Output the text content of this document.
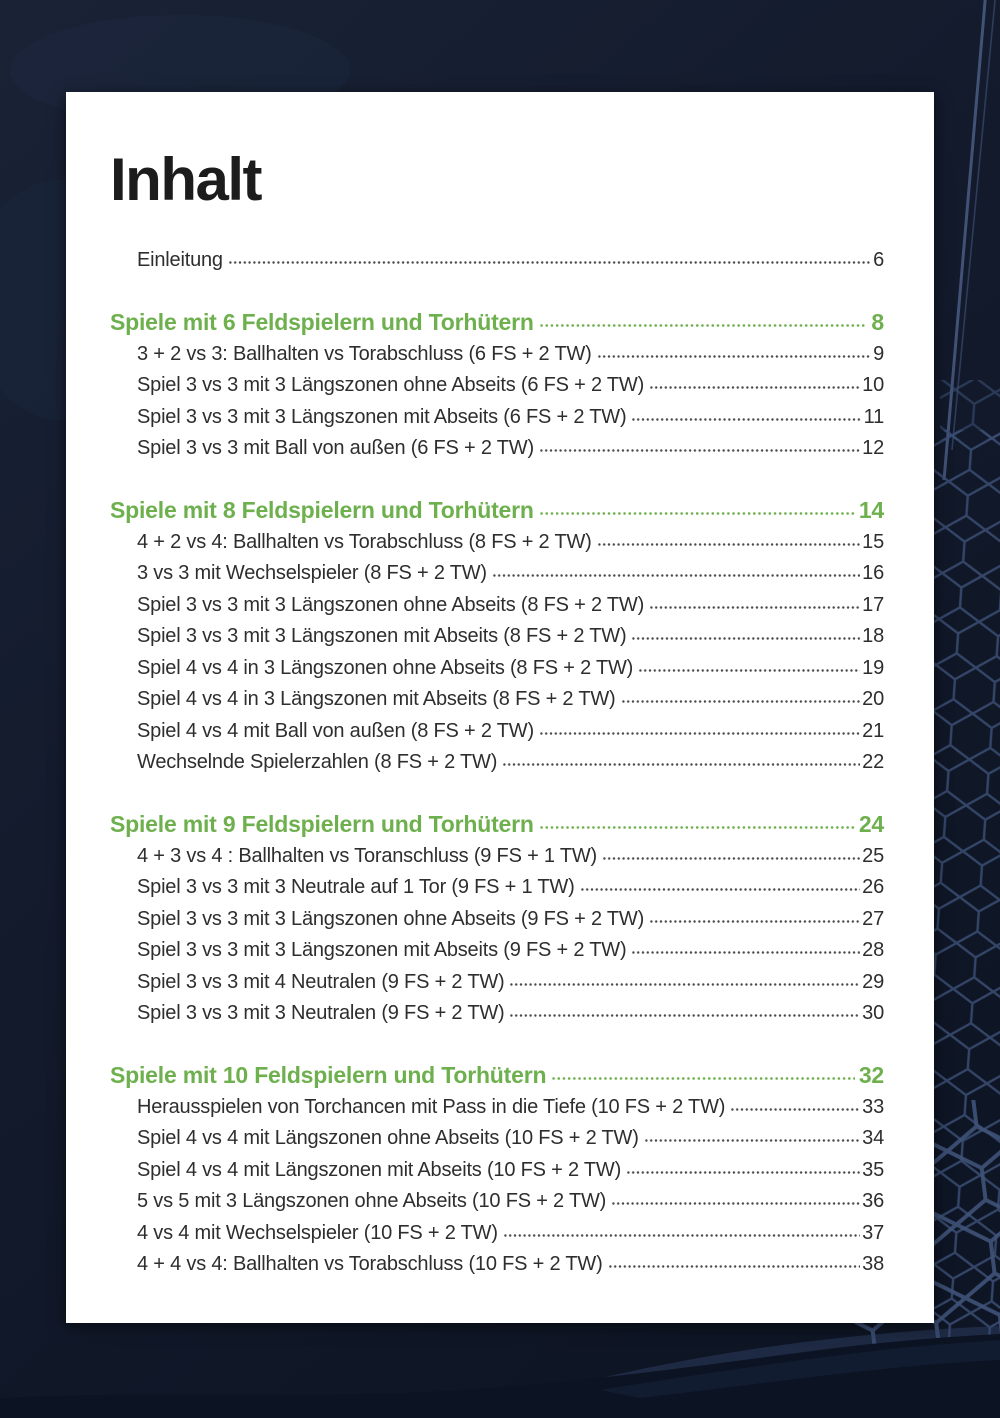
Inhalt
Einleitung	6
Spiele mit 6 Feldspielern und Torhütern	8
3 + 2 vs 3: Ballhalten vs Torabschluss (6 FS + 2 TW)	9
Spiel 3 vs 3 mit 3 Längszonen ohne Abseits (6 FS + 2 TW)	10
Spiel 3 vs 3 mit 3 Längszonen mit Abseits (6 FS + 2 TW)	11
Spiel 3 vs 3 mit Ball von außen (6 FS + 2 TW)	12
Spiele mit 8 Feldspielern und Torhütern	14
4 + 2 vs 4: Ballhalten vs Torabschluss (8 FS + 2 TW)	15
3 vs 3 mit Wechselspieler (8 FS + 2 TW)	16
Spiel 3 vs 3 mit 3 Längszonen ohne Abseits (8 FS + 2 TW)	17
Spiel 3 vs 3 mit 3 Längszonen mit Abseits (8 FS + 2 TW)	18
Spiel 4 vs 4 in 3 Längszonen ohne Abseits (8 FS + 2 TW)	19
Spiel 4 vs 4 in 3 Längszonen mit Abseits (8 FS + 2 TW)	20
Spiel 4 vs 4 mit Ball von außen (8 FS + 2 TW)	21
Wechselnde Spielerzahlen (8 FS + 2 TW)	22
Spiele mit 9 Feldspielern und Torhütern	24
4 + 3 vs 4 : Ballhalten vs Toranschluss (9 FS + 1 TW)	25
Spiel 3 vs 3 mit 3 Neutrale auf 1 Tor (9 FS + 1 TW)	26
Spiel 3 vs 3 mit 3 Längszonen ohne Abseits (9 FS + 2 TW)	27
Spiel 3 vs 3 mit 3 Längszonen mit Abseits (9 FS + 2 TW)	28
Spiel 3 vs 3 mit 4 Neutralen (9 FS + 2 TW)	29
Spiel 3 vs 3 mit 3 Neutralen (9 FS + 2 TW)	30
Spiele mit 10 Feldspielern und Torhütern	32
Herausspielen von Torchancen mit Pass in die Tiefe (10 FS + 2 TW)	33
Spiel 4 vs 4 mit Längszonen ohne Abseits (10 FS + 2 TW)	34
Spiel 4 vs 4 mit Längszonen mit Abseits (10 FS + 2 TW)	35
5 vs 5 mit 3 Längszonen ohne Abseits (10 FS + 2 TW)	36
4 vs 4 mit Wechselspieler (10 FS + 2 TW)	37
4 + 4 vs 4: Ballhalten vs Torabschluss (10 FS + 2 TW)	38
